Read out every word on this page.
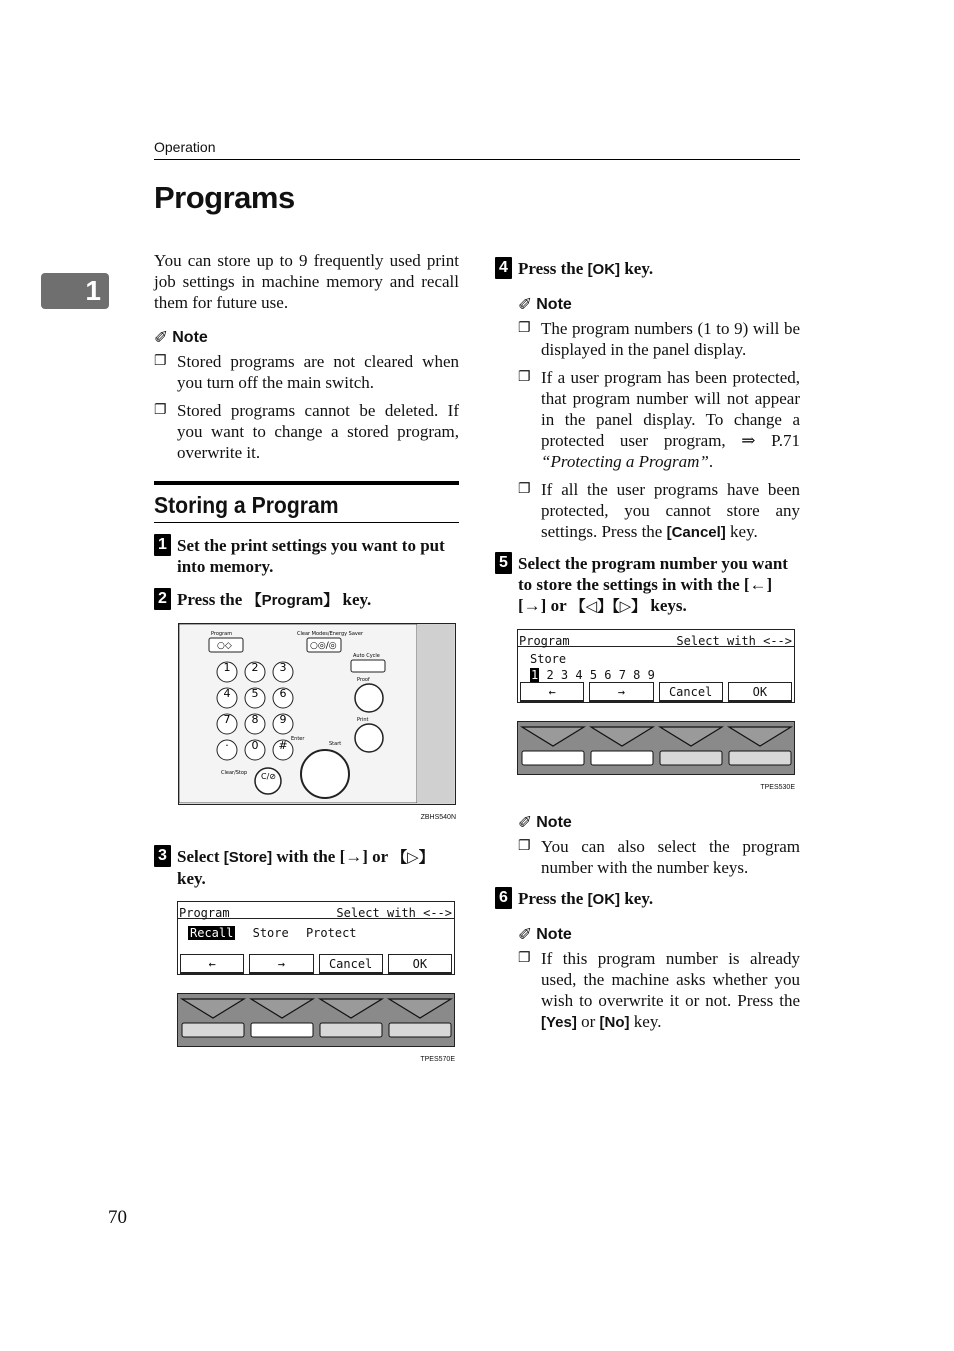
Operation
Programs
1

You can store up to 9 frequently used print job settings in machine memory and recall them for future use.

✐ Note
❐ Stored programs are not cleared when you turn off the main switch.
❐ Stored programs cannot be deleted. If you want to change a stored program, overwrite it.
Storing a Program
1 Set the print settings you want to put into memory.
2 Press the 【Program】 key.
○◇	○◎/◎
C/⊘
1 2 3
4 5 6
7 8 9
· 0 #
Program	Clear Modes/Energy Saver
Auto Cycle
Proof
Print
Enter
Start
Clear/Stop
ZBHS540N
3 Select [Store] with the [→] or 【▷】 key.
Program	Select with <-->
Recall Store Protect
←	→	Cancel	OK
TPES570E
4 Press the [OK] key.
✐ Note
❐ The program numbers (1 to 9) will be displayed in the panel display.
❐ If a user program has been protected, that program number will not appear in the panel display. To change a protected user program, ⇒ P.71 “Protecting a Program”.
❐ If all the user programs have been protected, you cannot store any settings. Press the [Cancel] key.
5 Select the program number you want to store the settings in with the [←] [→] or 【◁】【▷】 keys.
Program	Select with <-->
Store
1 2 3 4 5 6 7 8 9
←	→	Cancel	OK
TPES530E
✐ Note
❐ You can also select the program number with the number keys.
6 Press the [OK] key.
✐ Note
❐ If this program number is already used, the machine asks whether you wish to overwrite it or not. Press the [Yes] or [No] key.
70
